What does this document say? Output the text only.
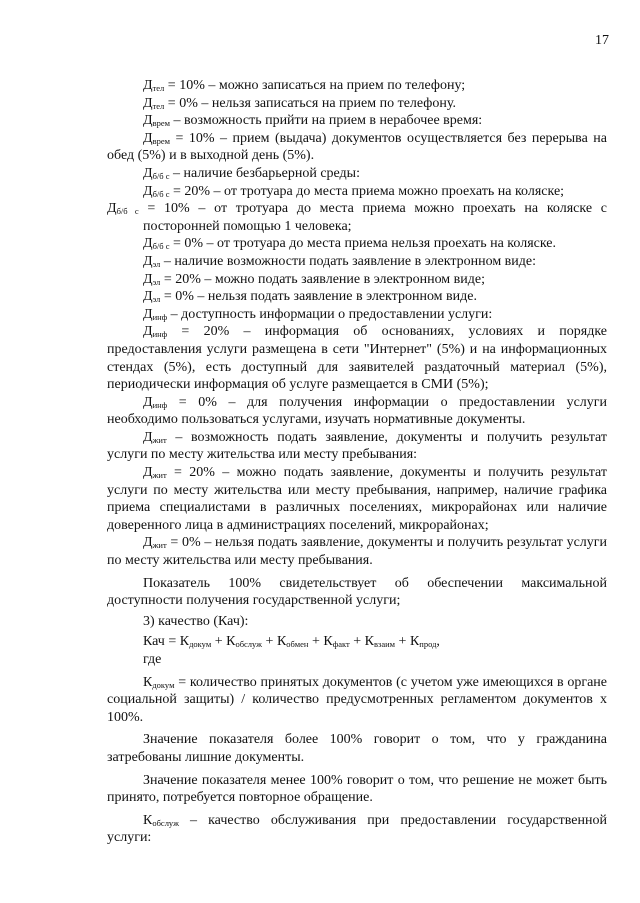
17

$Д_{тел} = 10\%$ – можно записаться на прием по телефону;

$Д_{тел} = 0\%$ – нельзя записаться на прием по телефону.

$Д_{врем}$ – возможность прийти на прием в нерабочее время:

$Д_{врем} = 10\%$ – прием (выдача) документов осуществляется без перерыва на обед (5%) и в выходной день (5%).

$Д_{б/б с}$ – наличие безбарьерной среды:

$Д_{б/б с} = 20\%$ – от тротуара до места приема можно проехать на коляске;

$Д_{б/б с} = 10\%$ – от тротуара до места приема можно проехать на коляске с посторонней помощью 1 человека;

$Д_{б/б с} = 0\%$ – от тротуара до места приема нельзя проехать на коляске.

$Д_{эл}$ – наличие возможности подать заявление в электронном виде:

$Д_{эл} = 20\%$ – можно подать заявление в электронном виде;

$Д_{эл} = 0\%$ – нельзя подать заявление в электронном виде.

$Д_{инф}$ – доступность информации о предоставлении услуги:

$Д_{инф} = 20\%$ – информация об основаниях, условиях и порядке предоставления услуги размещена в сети "Интернет" (5%) и на информационных стендах (5%), есть доступный для заявителей раздаточный материал (5%), периодически информация об услуге размещается в СМИ (5%);

$Д_{инф} = 0\%$ – для получения информации о предоставлении услуги необходимо пользоваться услугами, изучать нормативные документы.

$Д_{жит}$ – возможность подать заявление, документы и получить результат услуги по месту жительства или месту пребывания:

$Д_{жит} = 20\%$ – можно подать заявление, документы и получить результат услуги по месту жительства или месту пребывания, например, наличие графика приема специалистами в различных поселениях, микрорайонах или наличие доверенного лица в администрациях поселений, микрорайонах;

$Д_{жит} = 0\%$ – нельзя подать заявление, документы и получить результат услуги по месту жительства или месту пребывания.

Показатель 100% свидетельствует об обеспечении максимальной доступности получения государственной услуги;

3) качество (Кач):

Кач = $К_{докум} + К_{обслуж} + К_{обмен} + К_{факт} + К_{взаим} + К_{прод}$,

где

$К_{докум}$ = количество принятых документов (с учетом уже имеющихся в органе социальной защиты) / количество предусмотренных регламентом документов х 100%.

Значение показателя более 100% говорит о том, что у гражданина затребованы лишние документы.

Значение показателя менее 100% говорит о том, что решение не может быть принято, потребуется повторное обращение.

$К_{обслуж}$ – качество обслуживания при предоставлении государственной услуги:
